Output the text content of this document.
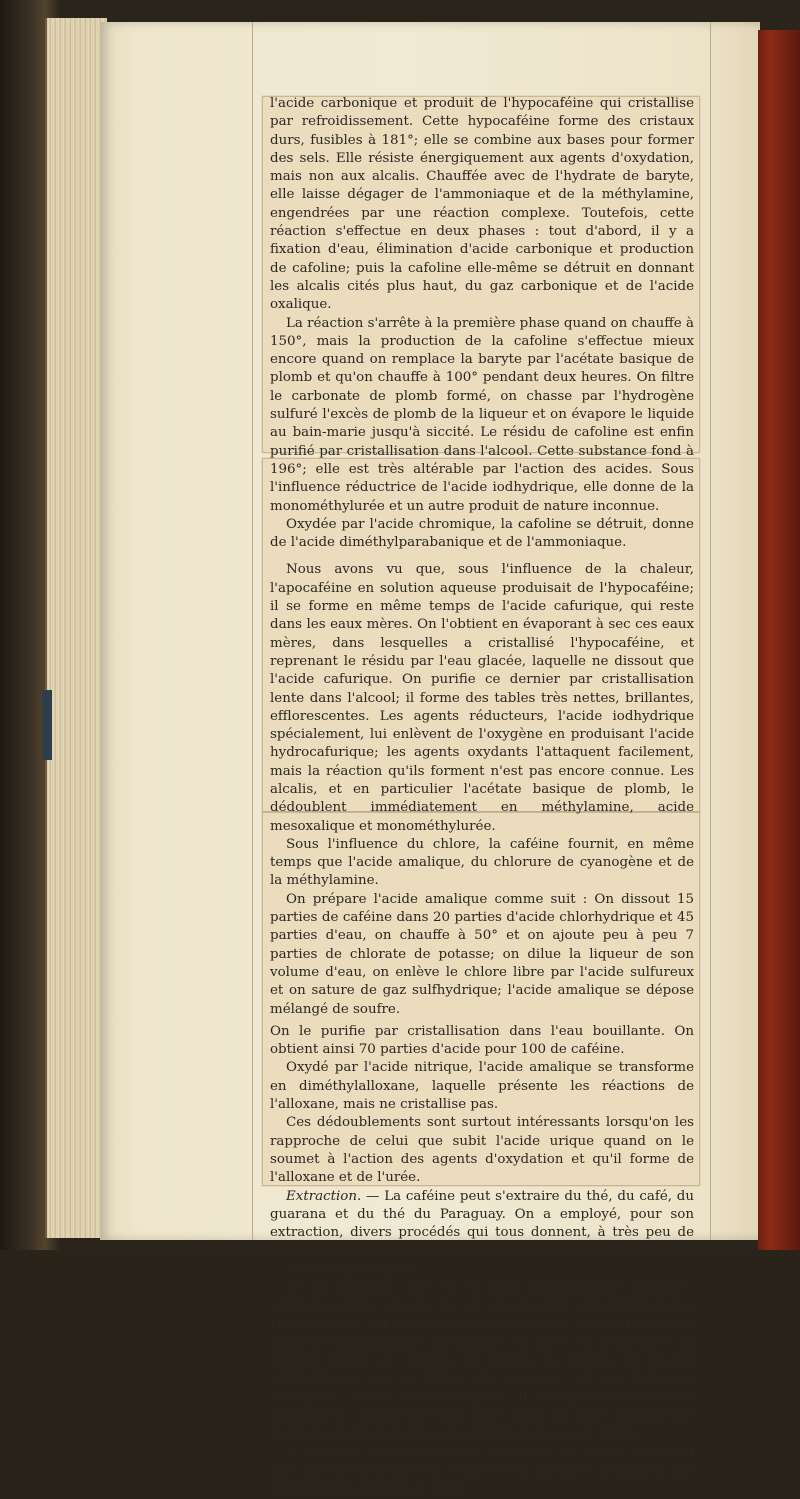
l'acide carbonique et produit de l'hypocaféine qui cristallise par refroidissement. Cette hypocaféine forme des cristaux durs, fusibles à 181°; elle se combine aux bases pour former des sels. Elle résiste énergiquement aux agents d'oxydation, mais non aux alcalis. Chauffée avec de l'hydrate de baryte, elle laisse dégager de l'ammoniaque et de la méthylamine, engendrées par une réaction complexe. Toutefois, cette réaction s'effectue en deux phases : tout d'abord, il y a fixation d'eau, élimination d'acide carbonique et production de cafoline; puis la cafoline elle-même se détruit en donnant les alcalis cités plus haut, du gaz carbonique et de l'acide oxalique.

La réaction s'arrête à la première phase quand on chauffe à 150°, mais la production de la cafoline s'effectue mieux encore quand on remplace la baryte par l'acétate basique de plomb et qu'on chauffe à 100° pendant deux heures. On filtre le carbonate de plomb formé, on chasse par l'hydrogène sulfuré l'excès de plomb de la liqueur et on évapore le liquide au bain-marie jusqu'à siccité. Le résidu de cafoline est enfin purifié par cristallisation dans l'alcool. Cette substance fond à 196°; elle est très altérable par l'action des acides. Sous l'influence réductrice de l'acide iodhydrique, elle donne de la monométhylurée et un autre produit de nature inconnue.

Oxydée par l'acide chromique, la cafoline se détruit, donne de l'acide diméthylparabanique et de l'ammoniaque.

Nous avons vu que, sous l'influence de la chaleur, l'apocaféine en solution aqueuse produisait de l'hypocaféine; il se forme en même temps de l'acide cafurique, qui reste dans les eaux mères. On l'obtient en évaporant à sec ces eaux mères, dans lesquelles a cristallisé l'hypocaféine, et reprenant le résidu par l'eau glacée, laquelle ne dissout que l'acide cafurique. On purifie ce dernier par cristallisation lente dans l'alcool; il forme des tables très nettes, brillantes, efflorescentes. Les agents réducteurs, l'acide iodhydrique spécialement, lui enlèvent de l'oxygène en produisant l'acide hydrocafurique; les agents oxydants l'attaquent facilement, mais la réaction qu'ils forment n'est pas encore connue. Les alcalis, et en particulier l'acétate basique de plomb, le dédoublent immédiatement en méthylamine, acide mesoxalique et monométhylurée.

Sous l'influence du chlore, la caféine fournit, en même temps que l'acide amalique, du chlorure de cyanogène et de la méthylamine.

On prépare l'acide amalique comme suit : On dissout 15 parties de caféine dans 20 parties d'acide chlorhydrique et 45 parties d'eau, on chauffe à 50° et on ajoute peu à peu 7 parties de chlorate de potasse; on dilue la liqueur de son volume d'eau, on enlève le chlore libre par l'acide sulfureux et on sature de gaz sulfhydrique; l'acide amalique se dépose mélangé de soufre.

On le purifie par cristallisation dans l'eau bouillante. On obtient ainsi 70 parties d'acide pour 100 de caféine.

Oxydé par l'acide nitrique, l'acide amalique se transforme en diméthylalloxane, laquelle présente les réactions de l'alloxane, mais ne cristallise pas.

Ces dédoublements sont surtout intéressants lorsqu'on les rapproche de celui que subit l'acide urique quand on le soumet à l'action des agents d'oxydation et qu'il forme de l'alloxane et de l'urée.

Extraction. — La caféine peut s'extraire du thé, du café, du guarana et du thé du Paraguay. On a employé, pour son extraction, divers procédés qui tous donnent, à très peu de chose près, la même quantité d'alcaloïde.

Voici les principaux :

1° Le premier, qui est le plus généralement employé, consiste à faire, avec le thé ou avec le café, une infusion que l'on précipite par le sous-acétate de plomb; on ajoute ensuite un peu d'ammoniaque au liquide, on filtre, on débarrasse la liqueur filtrée de l'excès de plomb au moyen de l'acide sulfhydrique, on la filtre de nouveau et on l'évapore lentement. Par le refroidissement, il se dépose d'abondants cristaux de caféine presque pure dont on peut obtenir une nouvelle quantité par la concentration des eaux mères;

2° Dans le procédé suivant, on sature les acides libres du café par du carbonate de soude et on précipite la liqueur par une infusion de noix de galle;
